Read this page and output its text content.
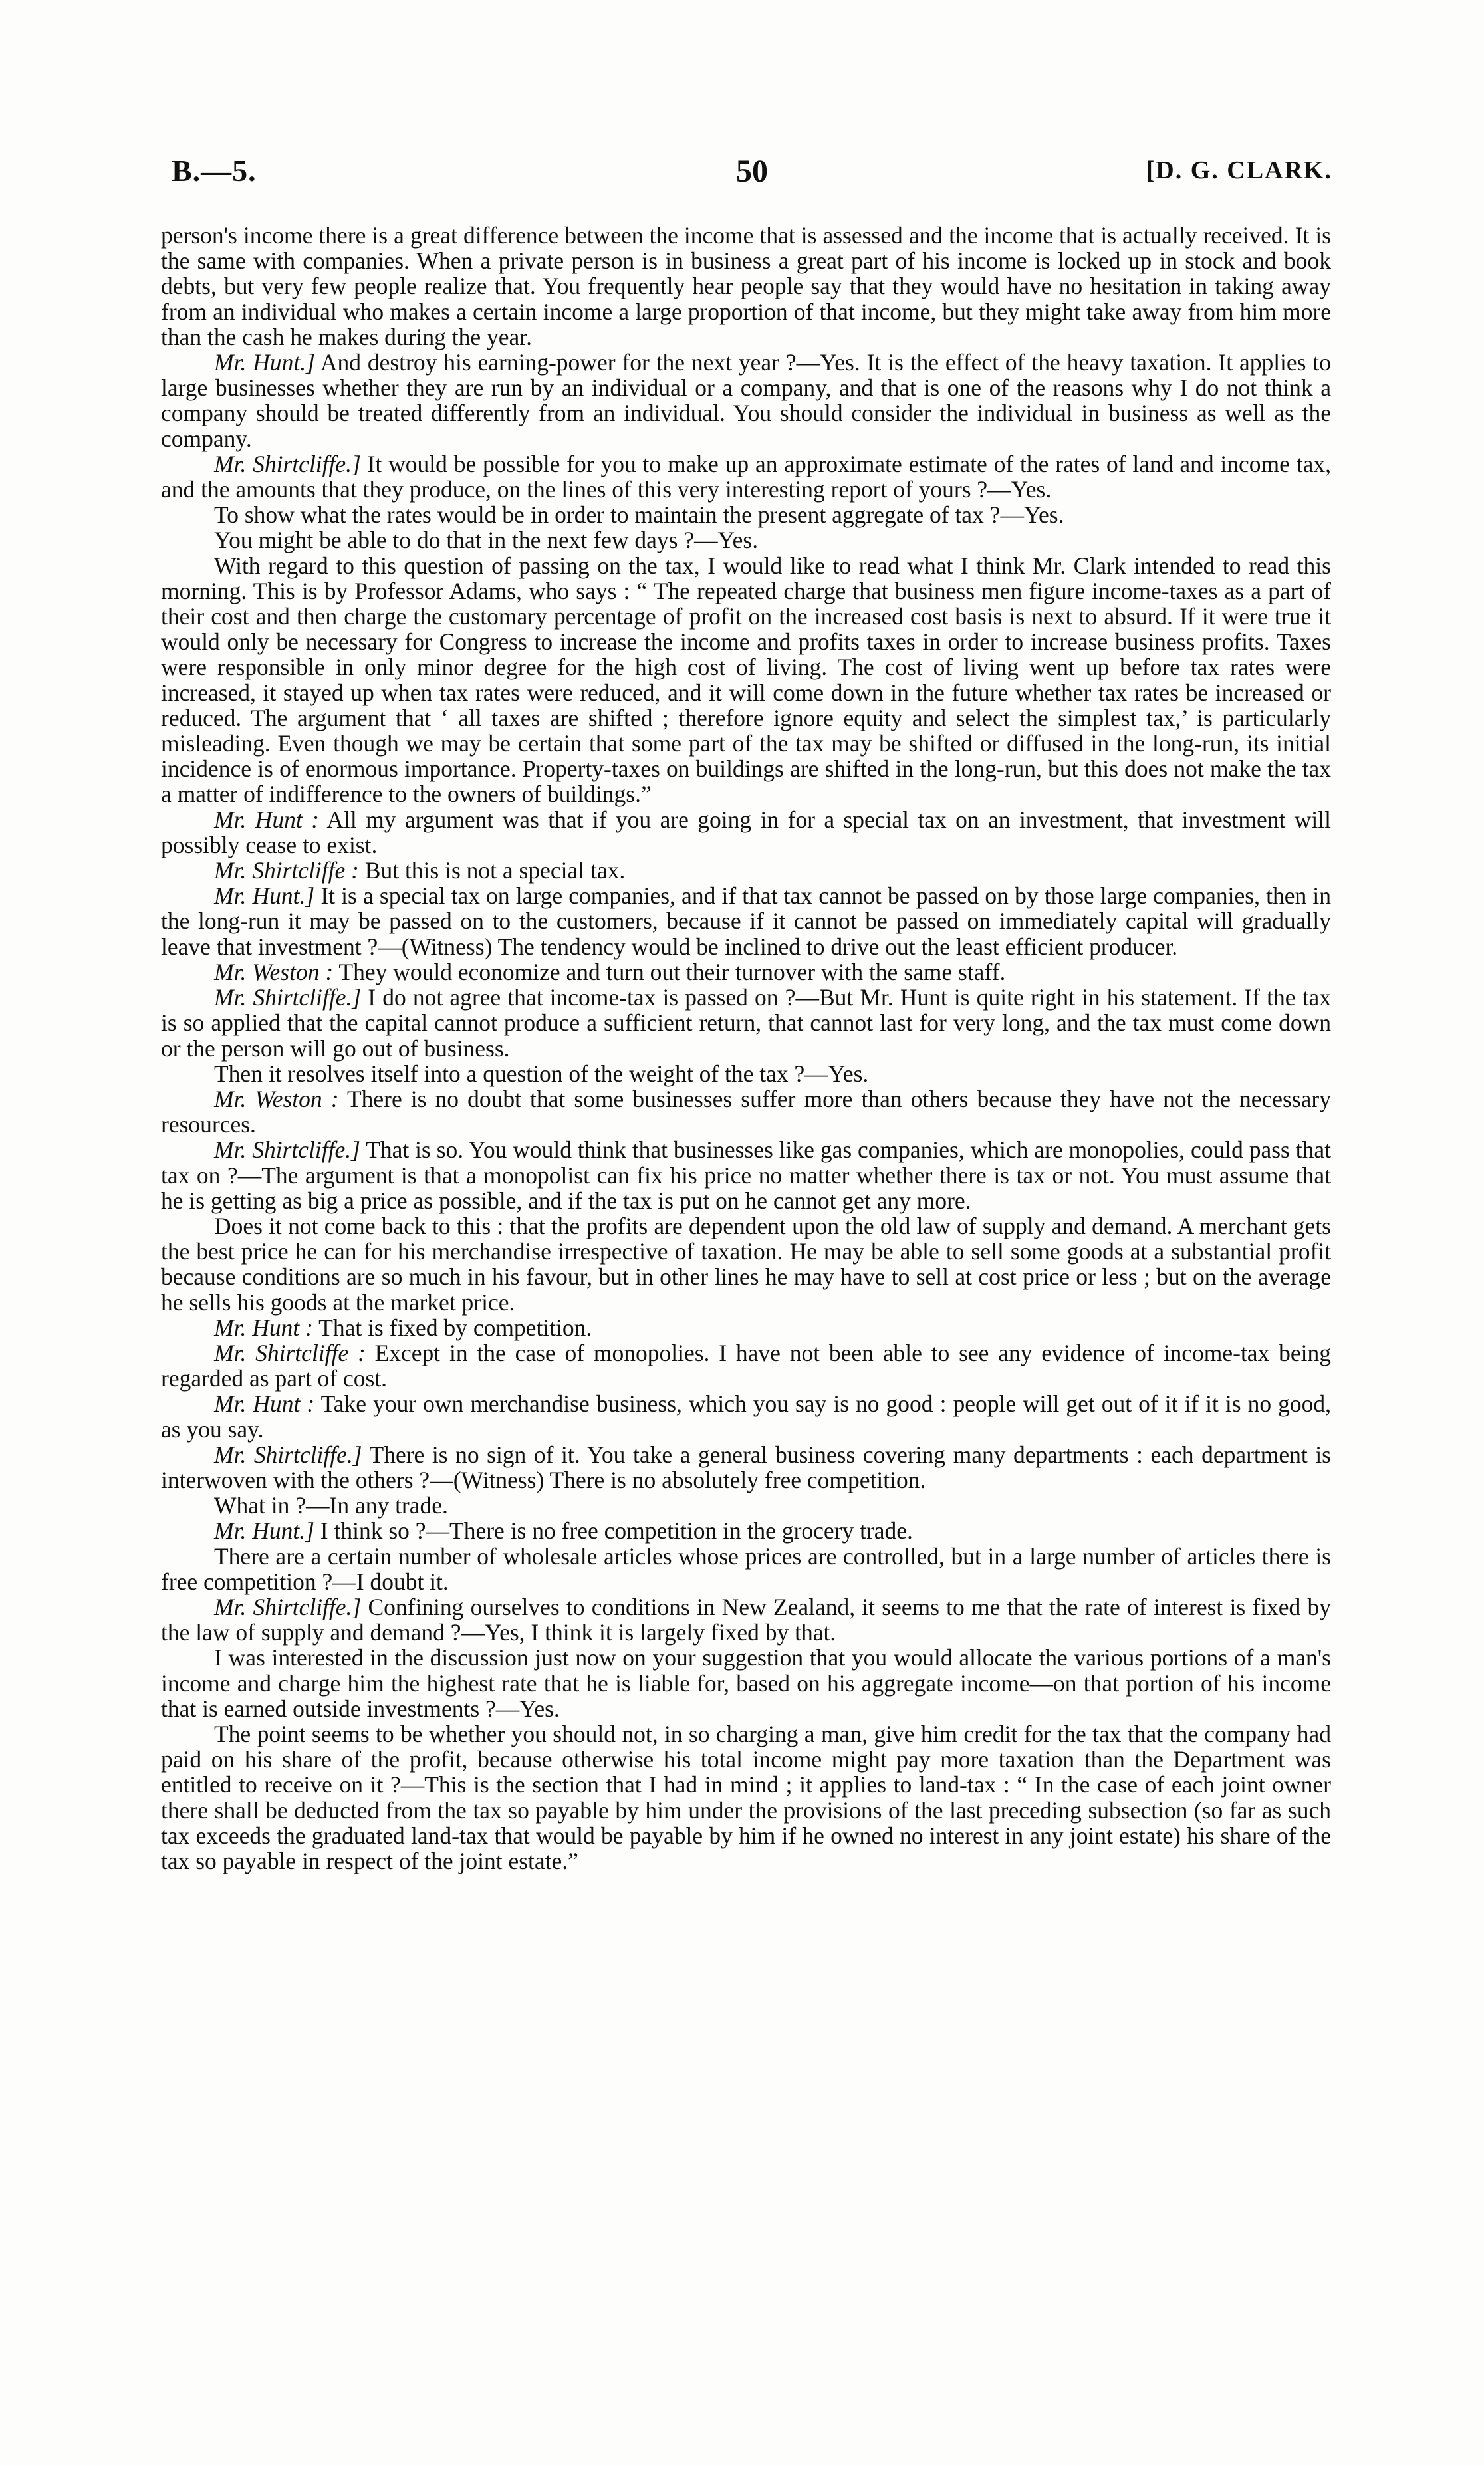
50
B.—5.	[D. G. CLARK.

person's income there is a great difference between the income that is assessed and the income that is actually received. It is the same with companies. When a private person is in business a great part of his income is locked up in stock and book debts, but very few people realize that. You frequently hear people say that they would have no hesitation in taking away from an individual who makes a certain income a large proportion of that income, but they might take away from him more than the cash he makes during the year.

Mr. Hunt.] And destroy his earning-power for the next year ?—Yes. It is the effect of the heavy taxation. It applies to large businesses whether they are run by an individual or a company, and that is one of the reasons why I do not think a company should be treated differently from an individual. You should consider the individual in business as well as the company.

Mr. Shirtcliffe.] It would be possible for you to make up an approximate estimate of the rates of land and income tax, and the amounts that they produce, on the lines of this very interesting report of yours ?—Yes.

To show what the rates would be in order to maintain the present aggregate of tax ?—Yes.

You might be able to do that in the next few days ?—Yes.

With regard to this question of passing on the tax, I would like to read what I think Mr. Clark intended to read this morning. This is by Professor Adams, who says : “ The repeated charge that business men figure income-taxes as a part of their cost and then charge the customary percentage of profit on the increased cost basis is next to absurd. If it were true it would only be necessary for Congress to increase the income and profits taxes in order to increase business profits. Taxes were responsible in only minor degree for the high cost of living. The cost of living went up before tax rates were increased, it stayed up when tax rates were reduced, and it will come down in the future whether tax rates be increased or reduced. The argument that ‘ all taxes are shifted ; therefore ignore equity and select the simplest tax,’ is particularly misleading. Even though we may be certain that some part of the tax may be shifted or diffused in the long-run, its initial incidence is of enormous importance. Property-taxes on buildings are shifted in the long-run, but this does not make the tax a matter of indifference to the owners of buildings.”

Mr. Hunt : All my argument was that if you are going in for a special tax on an investment, that investment will possibly cease to exist.

Mr. Shirtcliffe : But this is not a special tax.

Mr. Hunt.] It is a special tax on large companies, and if that tax cannot be passed on by those large companies, then in the long-run it may be passed on to the customers, because if it cannot be passed on immediately capital will gradually leave that investment ?—(Witness) The tendency would be inclined to drive out the least efficient producer.

Mr. Weston : They would economize and turn out their turnover with the same staff.

Mr. Shirtcliffe.] I do not agree that income-tax is passed on ?—But Mr. Hunt is quite right in his statement. If the tax is so applied that the capital cannot produce a sufficient return, that cannot last for very long, and the tax must come down or the person will go out of business.

Then it resolves itself into a question of the weight of the tax ?—Yes.

Mr. Weston : There is no doubt that some businesses suffer more than others because they have not the necessary resources.

Mr. Shirtcliffe.] That is so. You would think that businesses like gas companies, which are monopolies, could pass that tax on ?—The argument is that a monopolist can fix his price no matter whether there is tax or not. You must assume that he is getting as big a price as possible, and if the tax is put on he cannot get any more.

Does it not come back to this : that the profits are dependent upon the old law of supply and demand. A merchant gets the best price he can for his merchandise irrespective of taxation. He may be able to sell some goods at a substantial profit because conditions are so much in his favour, but in other lines he may have to sell at cost price or less ; but on the average he sells his goods at the market price.

Mr. Hunt : That is fixed by competition.

Mr. Shirtcliffe : Except in the case of monopolies. I have not been able to see any evidence of income-tax being regarded as part of cost.

Mr. Hunt : Take your own merchandise business, which you say is no good : people will get out of it if it is no good, as you say.

Mr. Shirtcliffe.] There is no sign of it. You take a general business covering many departments : each department is interwoven with the others ?—(Witness) There is no absolutely free competition.

What in ?—In any trade.

Mr. Hunt.] I think so ?—There is no free competition in the grocery trade.

There are a certain number of wholesale articles whose prices are controlled, but in a large number of articles there is free competition ?—I doubt it.

Mr. Shirtcliffe.] Confining ourselves to conditions in New Zealand, it seems to me that the rate of interest is fixed by the law of supply and demand ?—Yes, I think it is largely fixed by that.

I was interested in the discussion just now on your suggestion that you would allocate the various portions of a man's income and charge him the highest rate that he is liable for, based on his aggregate income—on that portion of his income that is earned outside investments ?—Yes.

The point seems to be whether you should not, in so charging a man, give him credit for the tax that the company had paid on his share of the profit, because otherwise his total income might pay more taxation than the Department was entitled to receive on it ?—This is the section that I had in mind ; it applies to land-tax : “ In the case of each joint owner there shall be deducted from the tax so payable by him under the provisions of the last preceding subsection (so far as such tax exceeds the graduated land-tax that would be payable by him if he owned no interest in any joint estate) his share of the tax so payable in respect of the joint estate.”
